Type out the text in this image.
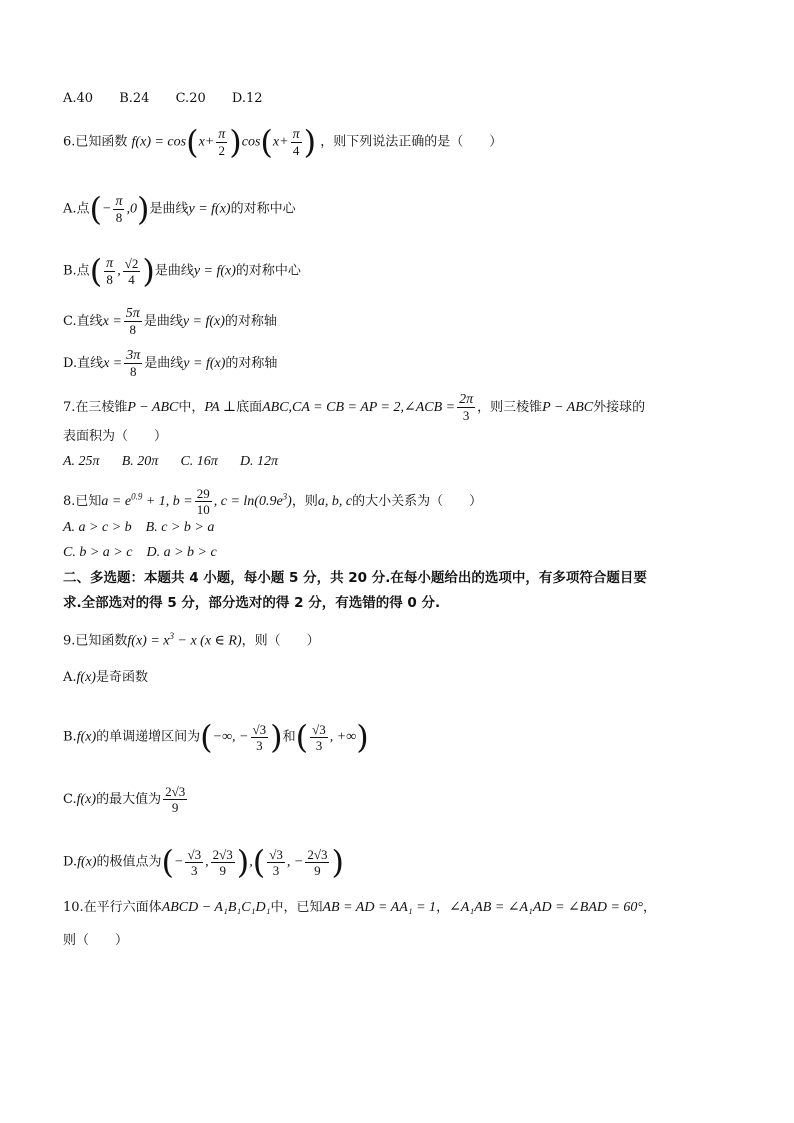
A.40 B.24 C.20 D.12
6.已知函数 $f(x) = \cos(x+ \frac{\pi}{2} )\cos(x+ \frac{\pi}{4}$ ) ，则下列说法正确的是（　　）
A.点(− $\frac{\pi}{8} ,0$)是曲线y = f(x)的对称中心
B.点( $\frac{\pi}{8}$ , $\frac{√2}{4}$ )是曲线y = f(x)的对称中心
C.直线$x = \frac{5\pi}{8}$ 是曲线y = f(x)的对称轴
D.直线$x = \frac{3\pi}{8}$ 是曲线y = f(x)的对称轴
7.在三棱锥P − ABC中，PA ⊥底面ABC,CA = CB = AP = 2,∠ACB = $\frac{2\pi}{3}$ ，则三棱锥P − ABC外接球的
表面积为（　　）
A. 25π B. 20π C. 16π D. 12π
8.已知$a = e^{0.9} + 1$, $b = \frac{29}{10}$ , $c = \ln(0.9e^3)$，则a, b, c的大小关系为（　　）
A. a > c > b B. c > b > a
C. b > a > c D. a > b > c
二、多选题：本题共 4 小题，每小题 5 分，共 20 分.在每小题给出的选项中，有多项符合题目要
求.全部选对的得 5 分，部分选对的得 2 分，有选错的得 0 分.
9.已知函数$f(x) = x^3 - x$ (x ∈ R)，则（　　）
A.f(x)是奇函数
B.f(x)的单调递增区间为(−∞, − $\frac{√3}{3}$ )和( $\frac{√3}{3}$ , +∞)
C.f(x)的最大值为 $\frac{2√3}{9}$
D.f(x)的极值点为(− $\frac{√3}{3}$ , $\frac{2√3}{9}$ ),( $\frac{√3}{3}$ , − $\frac{2√3}{9}$ )
10.在平行六面体ABCD − A₁B₁C₁D₁中，已知AB = AD = AA₁ = 1，∠A₁AB = ∠A₁AD = ∠BAD = 60°，
则（　　）
